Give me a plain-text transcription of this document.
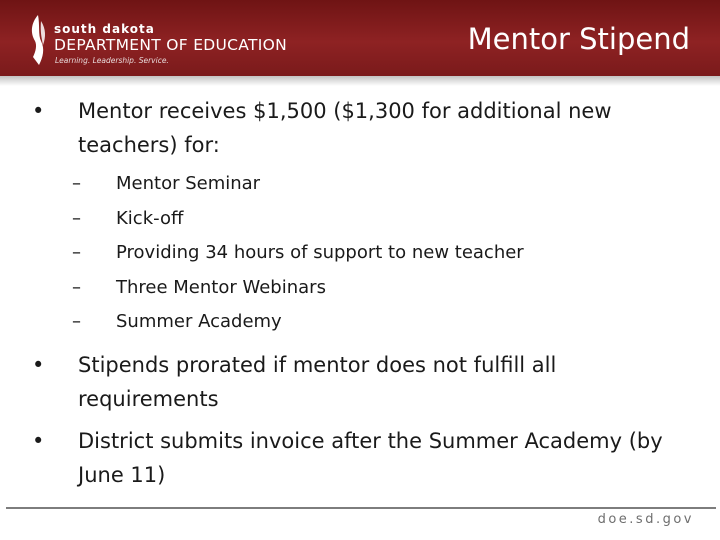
south dakota
DEPARTMENT OF EDUCATION
Learning. Leadership. Service.
Mentor Stipend
• Mentor receives $1,500 ($1,300 for additional new teachers) for:
– Mentor Seminar
– Kick-off
– Providing 34 hours of support to new teacher
– Three Mentor Webinars
– Summer Academy
• Stipends prorated if mentor does not fulfill all requirements
• District submits invoice after the Summer Academy (by June 11)
doe.sd.gov
